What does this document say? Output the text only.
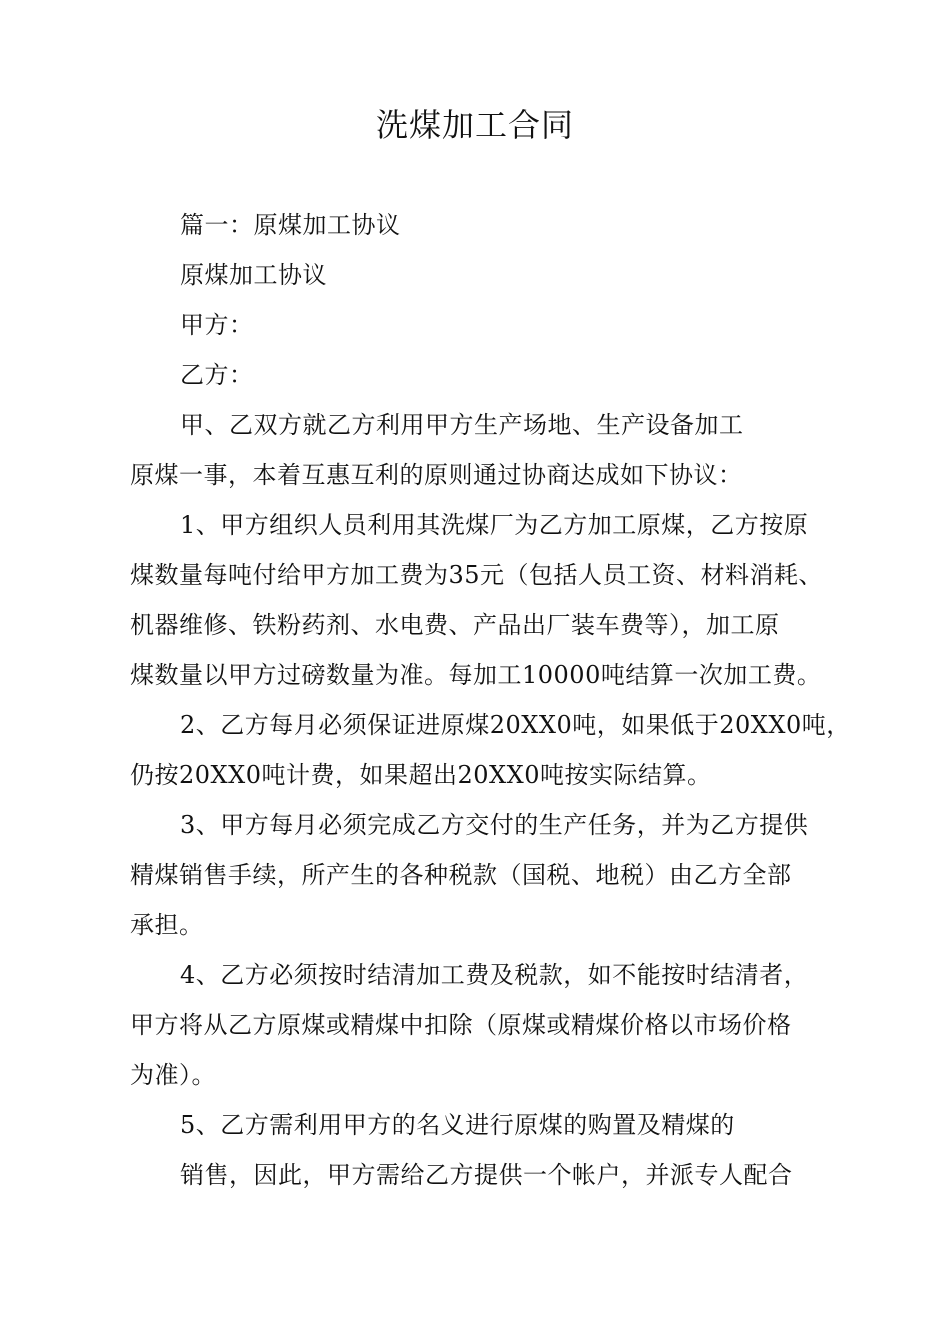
洗煤加工合同
篇一：原煤加工协议
原煤加工协议
甲方：
乙方：
甲、乙双方就乙方利用甲方生产场地、生产设备加工
原煤一事，本着互惠互利的原则通过协商达成如下协议：
1、甲方组织人员利用其洗煤厂为乙方加工原煤，乙方按原
煤数量每吨付给甲方加工费为35元（包括人员工资、材料消耗、
机器维修、铁粉药剂、水电费、产品出厂装车费等），加工原
煤数量以甲方过磅数量为准。每加工10000吨结算一次加工费。
2、乙方每月必须保证进原煤20XX0吨，如果低于20XX0吨，
仍按20XX0吨计费，如果超出20XX0吨按实际结算。
3、甲方每月必须完成乙方交付的生产任务，并为乙方提供
精煤销售手续，所产生的各种税款（国税、地税）由乙方全部
承担。
4、乙方必须按时结清加工费及税款，如不能按时结清者，
甲方将从乙方原煤或精煤中扣除（原煤或精煤价格以市场价格
为准）。
5、乙方需利用甲方的名义进行原煤的购置及精煤的
销售，因此，甲方需给乙方提供一个帐户，并派专人配合
